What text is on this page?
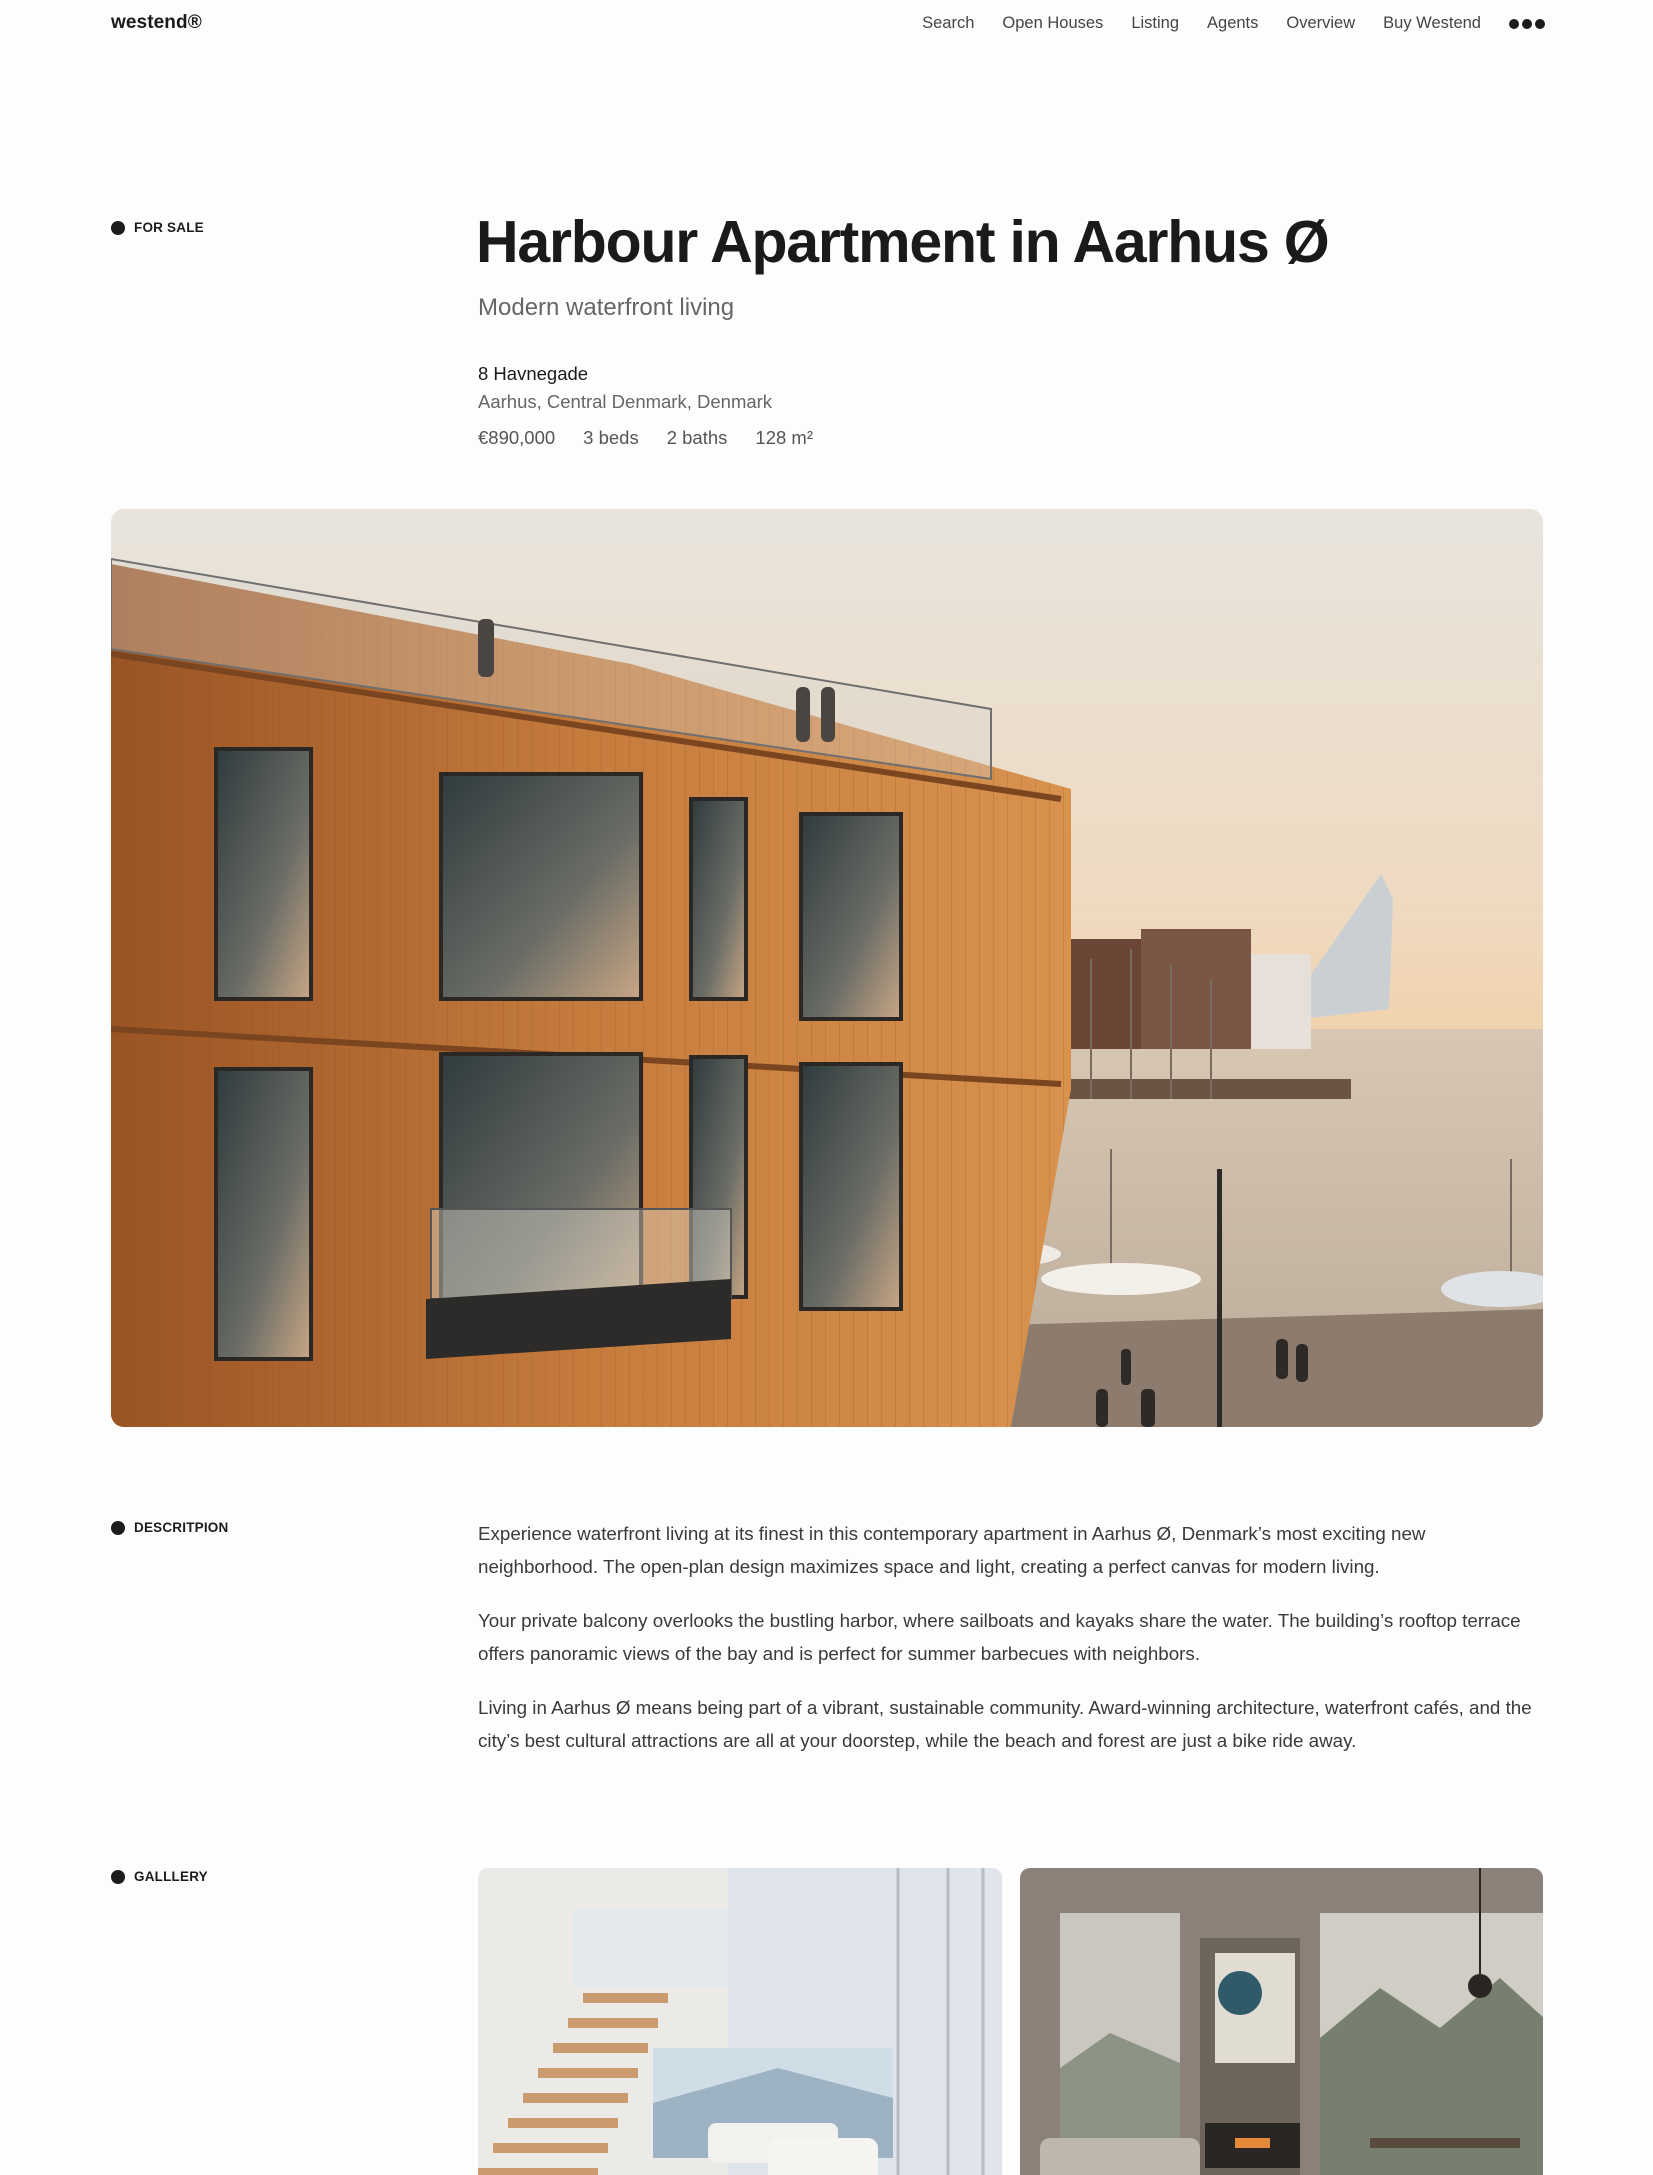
westend®	Search Open Houses Listing Agents Overview Buy Westend
FOR SALE	Harbour Apartment in Aarhus Ø
Modern waterfront living
8 Havnegade
Aarhus, Central Denmark, Denmark
€890,000 3 beds 2 baths 128 m²
DESCRITPION	Experience waterfront living at its finest in this contemporary apartment in Aarhus Ø, Denmark’s most exciting new neighborhood. The open-plan design maximizes space and light, creating a perfect canvas for modern living.

Your private balcony overlooks the bustling harbor, where sailboats and kayaks share the water. The building’s rooftop terrace offers panoramic views of the bay and is perfect for summer barbecues with neighbors.

Living in Aarhus Ø means being part of a vibrant, sustainable community. Award-winning architecture, waterfront cafés, and the city’s best cultural attractions are all at your doorstep, while the beach and forest are just a bike ride away.

GALLLERY
